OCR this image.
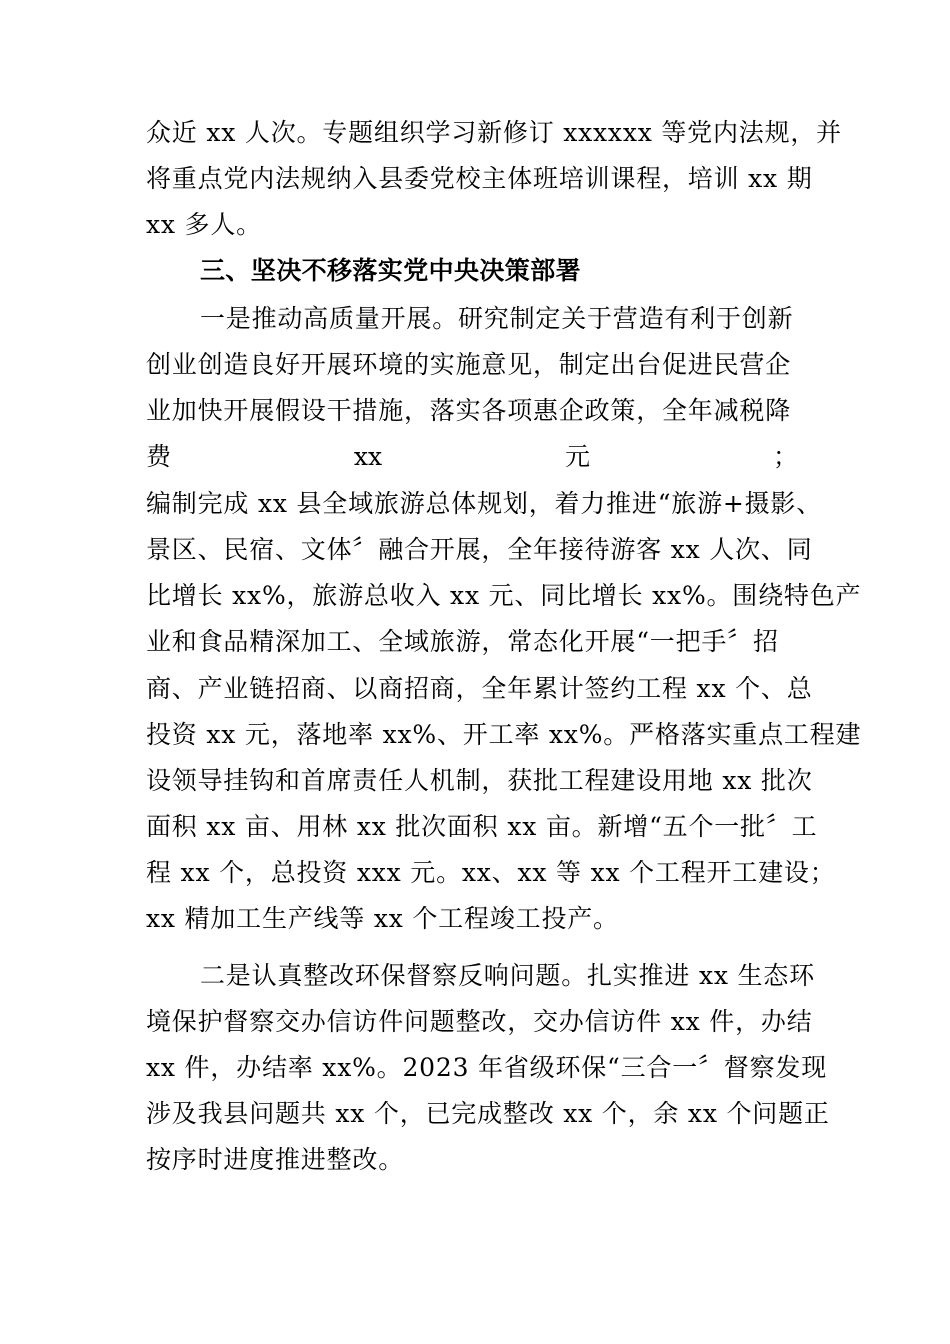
众近 xx 人次。专题组织学习新修订 xxxxxx 等党内法规，并
将重点党内法规纳入县委党校主体班培训课程，培训 xx 期
xx 多人。
三、坚决不移落实党中央决策部署
一是推动高质量开展。研究制定关于营造有利于创新
创业创造良好开展环境的实施意见，制定出台促进民营企
业加快开展假设干措施，落实各项惠企政策，全年减税降
费	xx	元	；
编制完成 xx 县全域旅游总体规划，着力推进“旅游+摄影、
景区、民宿、文体〞融合开展，全年接待游客 xx 人次、同
比增长 xx%，旅游总收入 xx 元、同比增长 xx%。围绕特色产
业和食品精深加工、全域旅游，常态化开展“一把手〞招
商、产业链招商、以商招商，全年累计签约工程 xx 个、总
投资 xx 元，落地率 xx%、开工率 xx%。严格落实重点工程建
设领导挂钩和首席责任人机制，获批工程建设用地 xx 批次
面积 xx 亩、用林 xx 批次面积 xx 亩。新增“五个一批〞工
程 xx 个，总投资 xxx 元。xx、xx 等 xx 个工程开工建设；
xx 精加工生产线等 xx 个工程竣工投产。
二是认真整改环保督察反响问题。扎实推进 xx 生态环
境保护督察交办信访件问题整改，交办信访件 xx 件，办结
xx 件，办结率 xx%。2023 年省级环保“三合一〞督察发现
涉及我县问题共 xx 个，已完成整改 xx 个，余 xx 个问题正
按序时进度推进整改。
